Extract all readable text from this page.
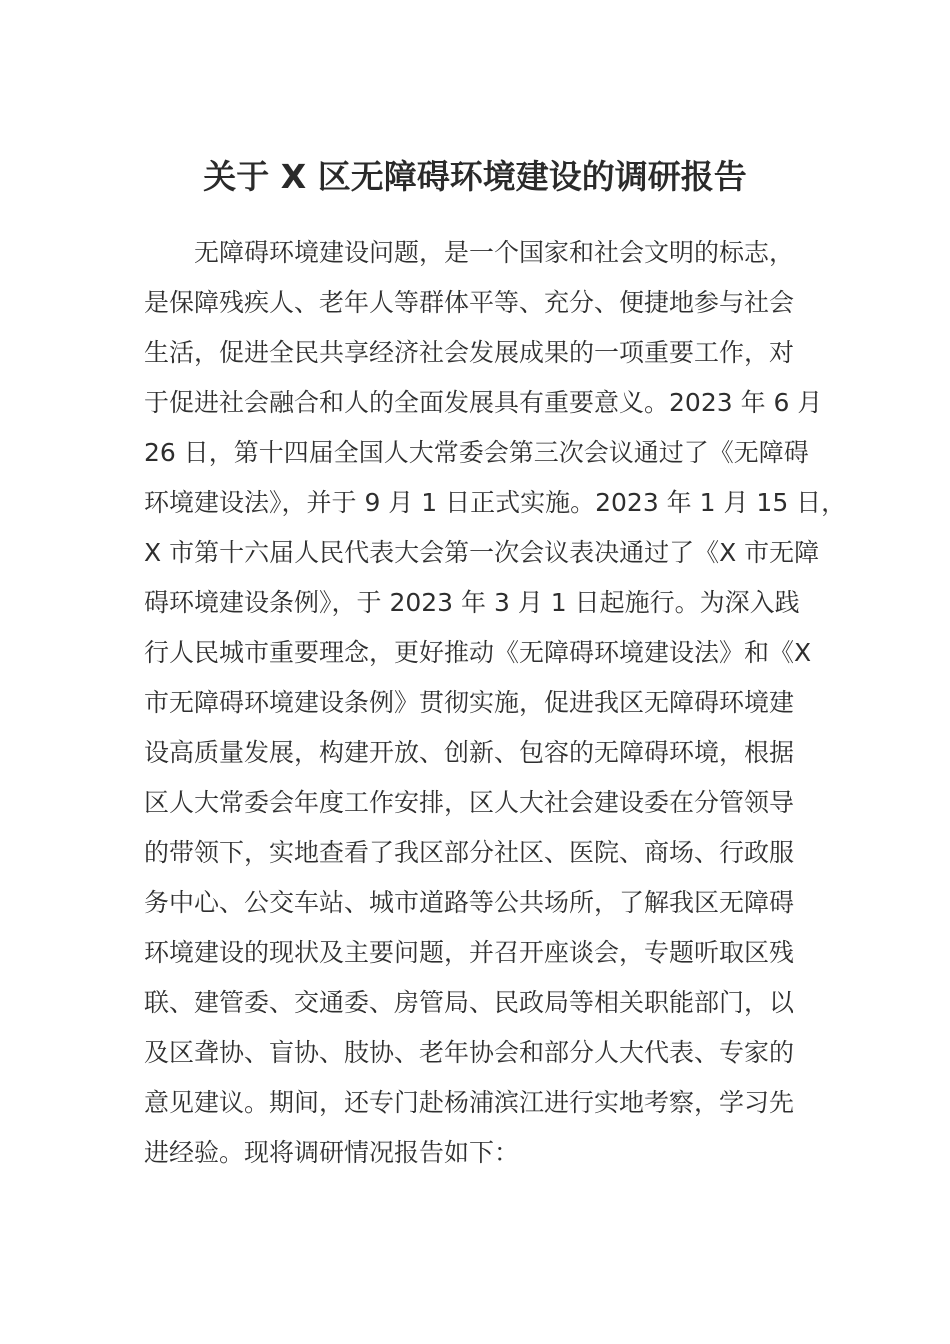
关于 X 区无障碍环境建设的调研报告
无障碍环境建设问题，是一个国家和社会文明的标志，
是保障残疾人、老年人等群体平等、充分、便捷地参与社会
生活，促进全民共享经济社会发展成果的一项重要工作，对
于促进社会融合和人的全面发展具有重要意义。2023 年 6 月
26 日，第十四届全国人大常委会第三次会议通过了《无障碍
环境建设法》，并于 9 月 1 日正式实施。2023 年 1 月 15 日，
X 市第十六届人民代表大会第一次会议表决通过了《X 市无障
碍环境建设条例》，于 2023 年 3 月 1 日起施行。为深入践
行人民城市重要理念，更好推动《无障碍环境建设法》和《X
市无障碍环境建设条例》贯彻实施，促进我区无障碍环境建
设高质量发展，构建开放、创新、包容的无障碍环境，根据
区人大常委会年度工作安排，区人大社会建设委在分管领导
的带领下，实地查看了我区部分社区、医院、商场、行政服
务中心、公交车站、城市道路等公共场所，了解我区无障碍
环境建设的现状及主要问题，并召开座谈会，专题听取区残
联、建管委、交通委、房管局、民政局等相关职能部门，以
及区聋协、盲协、肢协、老年协会和部分人大代表、专家的
意见建议。期间，还专门赴杨浦滨江进行实地考察，学习先
进经验。现将调研情况报告如下：
